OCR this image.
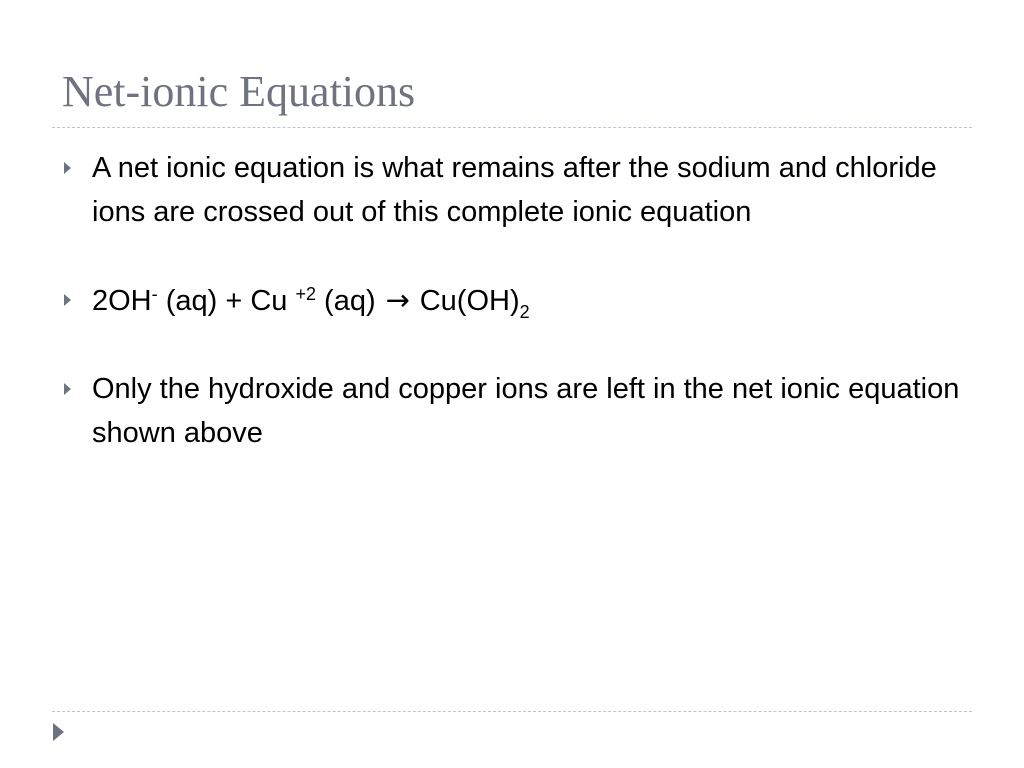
Net-ionic Equations
A net ionic equation is what remains after the sodium and chloride ions are crossed out of this complete ionic equation
2OH- (aq) + Cu $^{+2}$ $(aq) \to Cu(OH)_2$
Only the hydroxide and copper ions are left in the net ionic equation shown above
